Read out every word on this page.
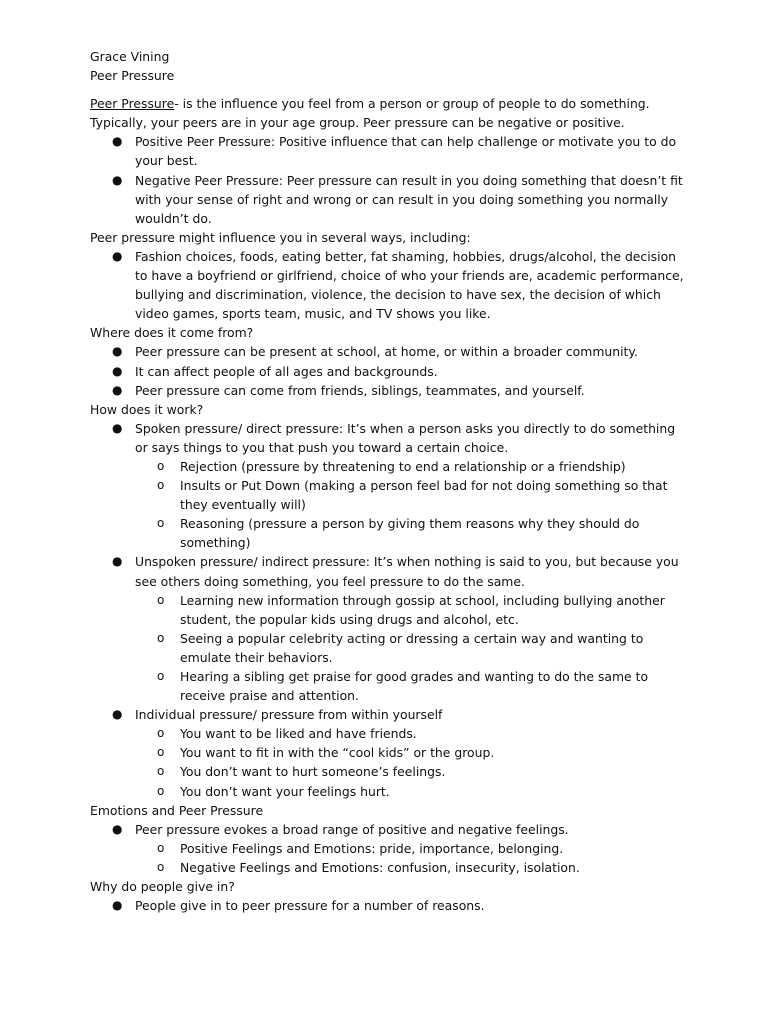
Grace Vining

Peer Pressure

Peer Pressure- is the influence you feel from a person or group of people to do something. Typically, your peers are in your age group. Peer pressure can be negative or positive.

● Positive Peer Pressure: Positive influence that can help challenge or motivate you to do your best.
● Negative Peer Pressure: Peer pressure can result in you doing something that doesn’t fit with your sense of right and wrong or can result in you doing something you normally wouldn’t do.

Peer pressure might influence you in several ways, including:

● Fashion choices, foods, eating better, fat shaming, hobbies, drugs/alcohol, the decision to have a boyfriend or girlfriend, choice of who your friends are, academic performance, bullying and discrimination, violence, the decision to have sex, the decision of which video games, sports team, music, and TV shows you like.

Where does it come from?

● Peer pressure can be present at school, at home, or within a broader community.
● It can affect people of all ages and backgrounds.
● Peer pressure can come from friends, siblings, teammates, and yourself.

How does it work?

● Spoken pressure/ direct pressure: It’s when a person asks you directly to do something or says things to you that push you toward a certain choice.
o Rejection (pressure by threatening to end a relationship or a friendship)
o Insults or Put Down (making a person feel bad for not doing something so that they eventually will)
o Reasoning (pressure a person by giving them reasons why they should do something)
● Unspoken pressure/ indirect pressure: It’s when nothing is said to you, but because you see others doing something, you feel pressure to do the same.
o Learning new information through gossip at school, including bullying another student, the popular kids using drugs and alcohol, etc.
o Seeing a popular celebrity acting or dressing a certain way and wanting to emulate their behaviors.
o Hearing a sibling get praise for good grades and wanting to do the same to receive praise and attention.
● Individual pressure/ pressure from within yourself
o You want to be liked and have friends.
o You want to fit in with the “cool kids” or the group.
o You don’t want to hurt someone’s feelings.
o You don’t want your feelings hurt.

Emotions and Peer Pressure

● Peer pressure evokes a broad range of positive and negative feelings.
o Positive Feelings and Emotions: pride, importance, belonging.
o Negative Feelings and Emotions: confusion, insecurity, isolation.

Why do people give in?

● People give in to peer pressure for a number of reasons.
